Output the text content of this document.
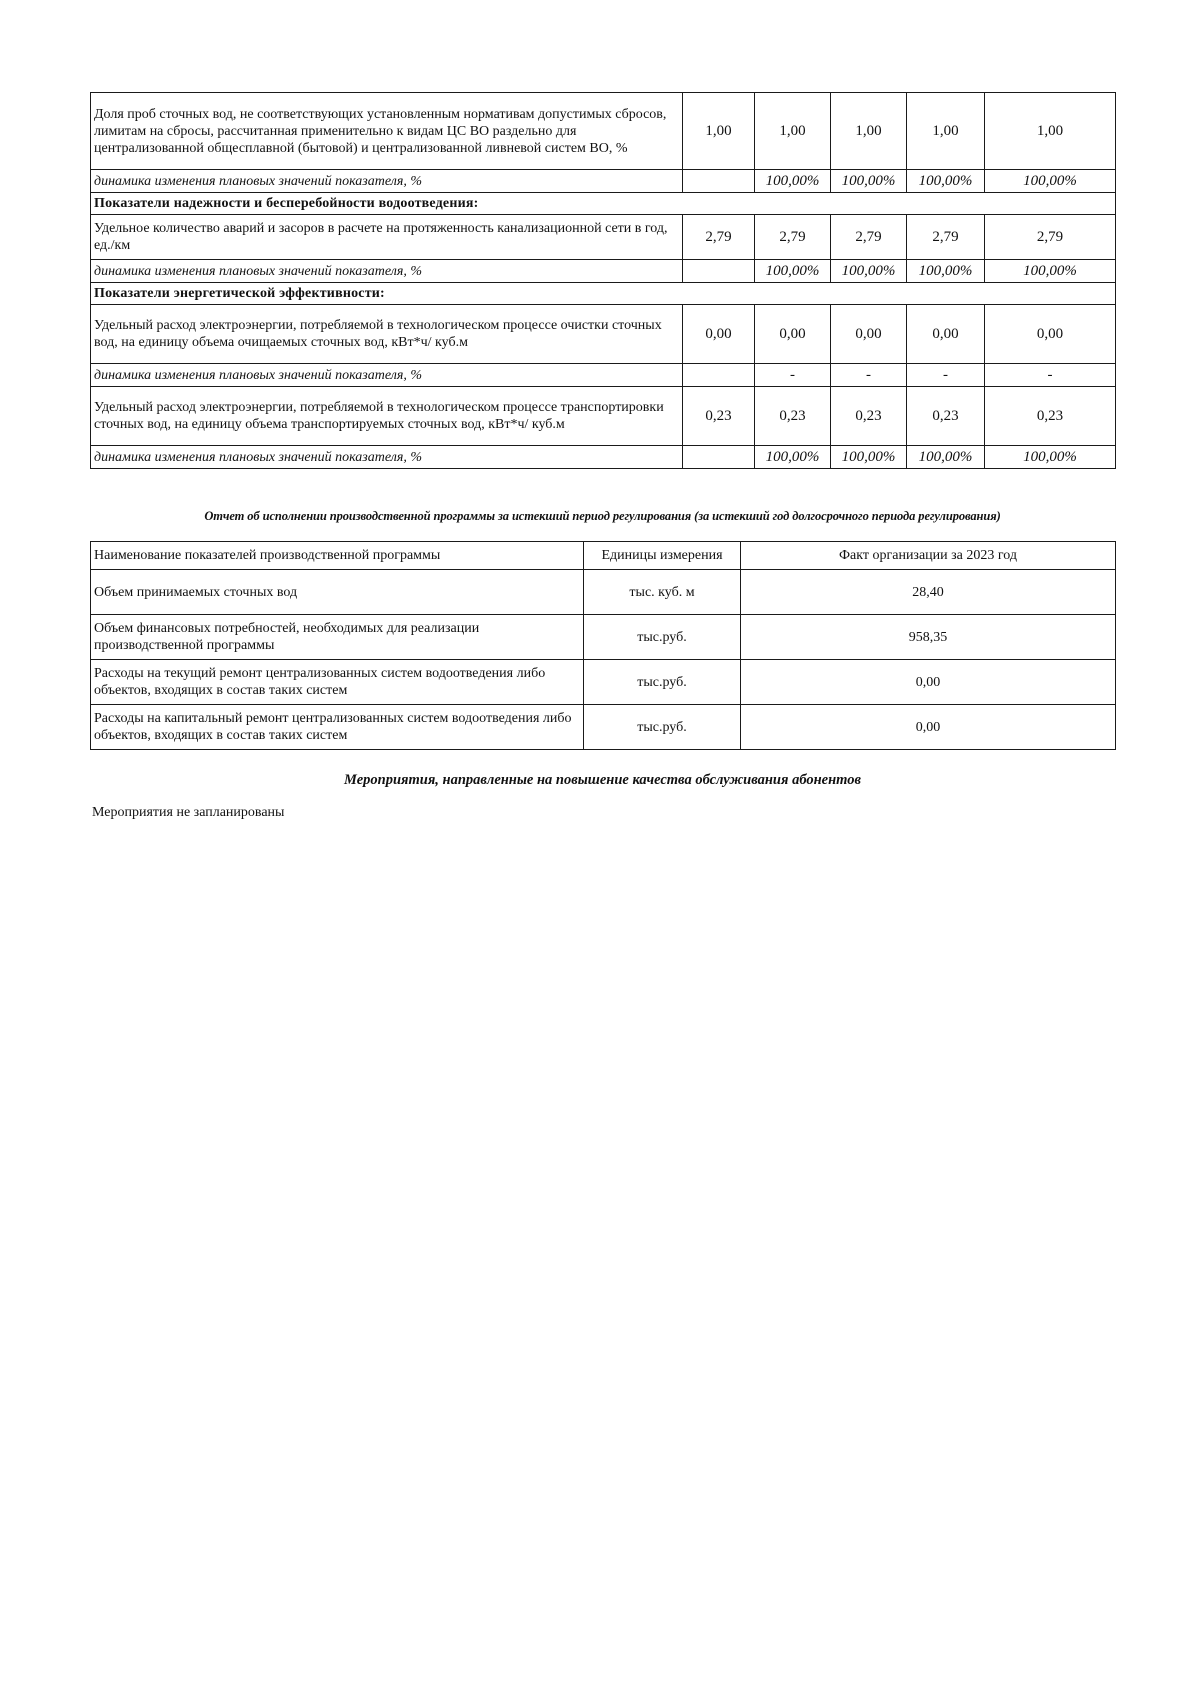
Доля проб сточных вод, не соответствующих установленным нормативам допустимых сбросов, лимитам на сбросы, рассчитанная применительно к видам ЦС ВО раздельно для централизованной общесплавной (бытовой) и централизованной ливневой систем ВО, %	1,00	1,00	1,00	1,00	1,00
динамика изменения плановых значений показателя, %		100,00%	100,00%	100,00%	100,00%
Показатели надежности и бесперебойности водоотведения:					
Удельное количество аварий и засоров в расчете на протяженность канализационной сети в год, ед./км	2,79	2,79	2,79	2,79	2,79
динамика изменения плановых значений показателя, %		100,00%	100,00%	100,00%	100,00%
Показатели энергетической эффективности:					
Удельный расход электроэнергии, потребляемой в технологическом процессе очистки сточных вод, на единицу объема очищаемых сточных вод, кВт*ч/ куб.м	0,00	0,00	0,00	0,00	0,00
динамика изменения плановых значений показателя, %		-	-	-	-
Удельный расход электроэнергии, потребляемой в технологическом процессе транспортировки сточных вод, на единицу объема транспортируемых сточных вод, кВт*ч/ куб.м	0,23	0,23	0,23	0,23	0,23
динамика изменения плановых значений показателя, %		100,00%	100,00%	100,00%	100,00%
Отчет об исполнении производственной программы за истекший период регулирования (за истекший год долгосрочного периода регулирования)
Наименование показателей производственной программы	Единицы измерения	Факт организации за 2023 год
Объем принимаемых сточных вод	тыс. куб. м	28,40
Объем финансовых потребностей, необходимых для реализации производственной программы	тыс.руб.	958,35
Расходы на текущий ремонт централизованных систем водоотведения либо объектов, входящих в состав таких систем	тыс.руб.	0,00
Расходы на капитальный ремонт централизованных систем водоотведения либо объектов, входящих в состав таких систем	тыс.руб.	0,00
Мероприятия, направленные на повышение качества обслуживания абонентов
Мероприятия не запланированы
